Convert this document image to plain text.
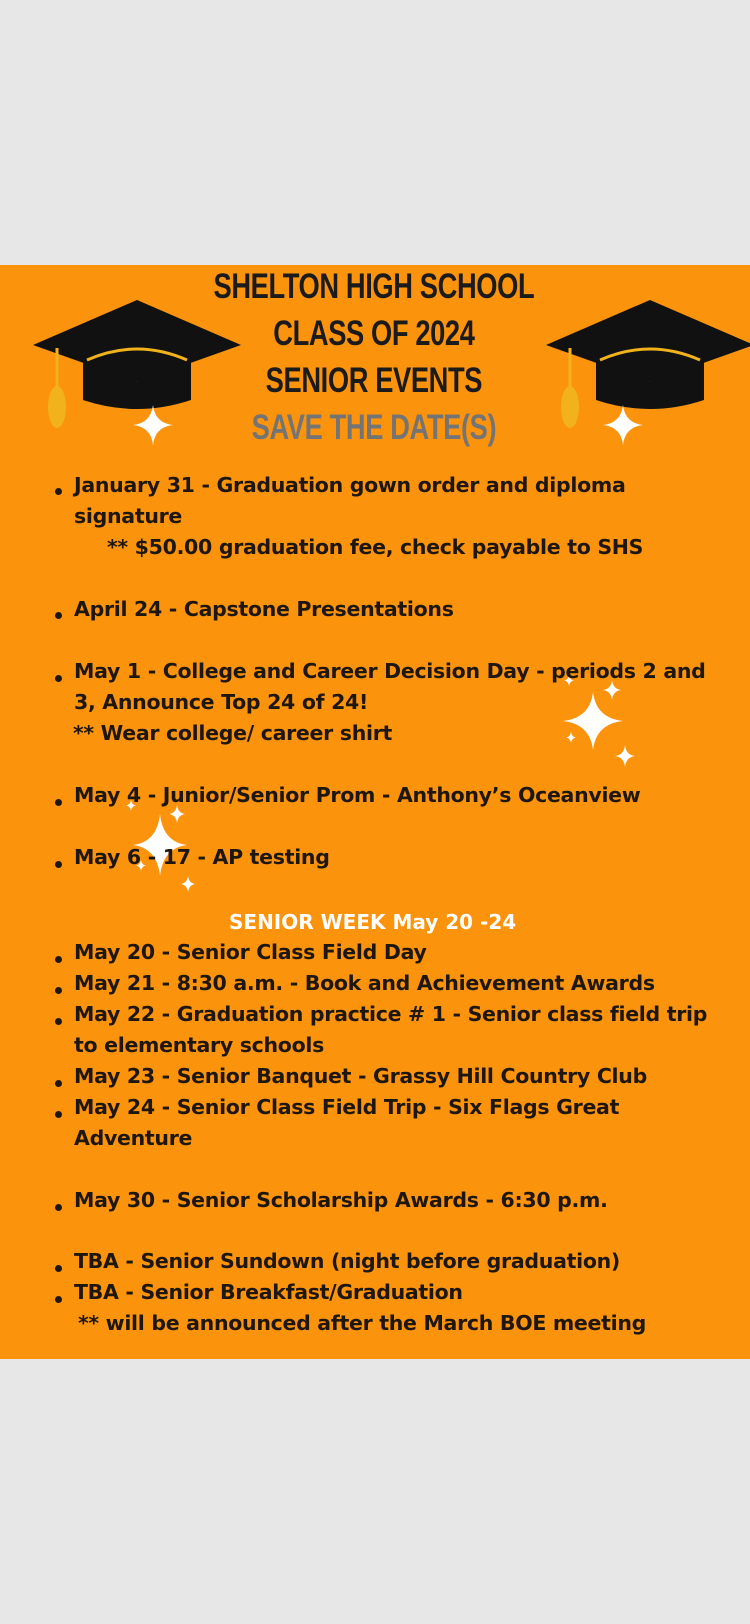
SHELTON HIGH SCHOOL
CLASS OF 2024
SENIOR EVENTS
SAVE THE DATE(S)
January 31 - Graduation gown order and diploma
signature
** $50.00 graduation fee, check payable to SHS
April 24 - Capstone Presentations
May 1 - College and Career Decision Day - periods 2 and
3, Announce Top 24 of 24!
** Wear college/ career shirt
May 4 - Junior/Senior Prom - Anthony’s Oceanview
May 6 - 17 - AP testing
SENIOR WEEK May 20 -24
May 20 - Senior Class Field Day
May 21 - 8:30 a.m. - Book and Achievement Awards
May 22 - Graduation practice # 1 - Senior class field trip
to elementary schools
May 23 - Senior Banquet - Grassy Hill Country Club
May 24 - Senior Class Field Trip - Six Flags Great
Adventure
May 30 - Senior Scholarship Awards - 6:30 p.m.
TBA - Senior Sundown (night before graduation)
TBA - Senior Breakfast/Graduation
** will be announced after the March BOE meeting
